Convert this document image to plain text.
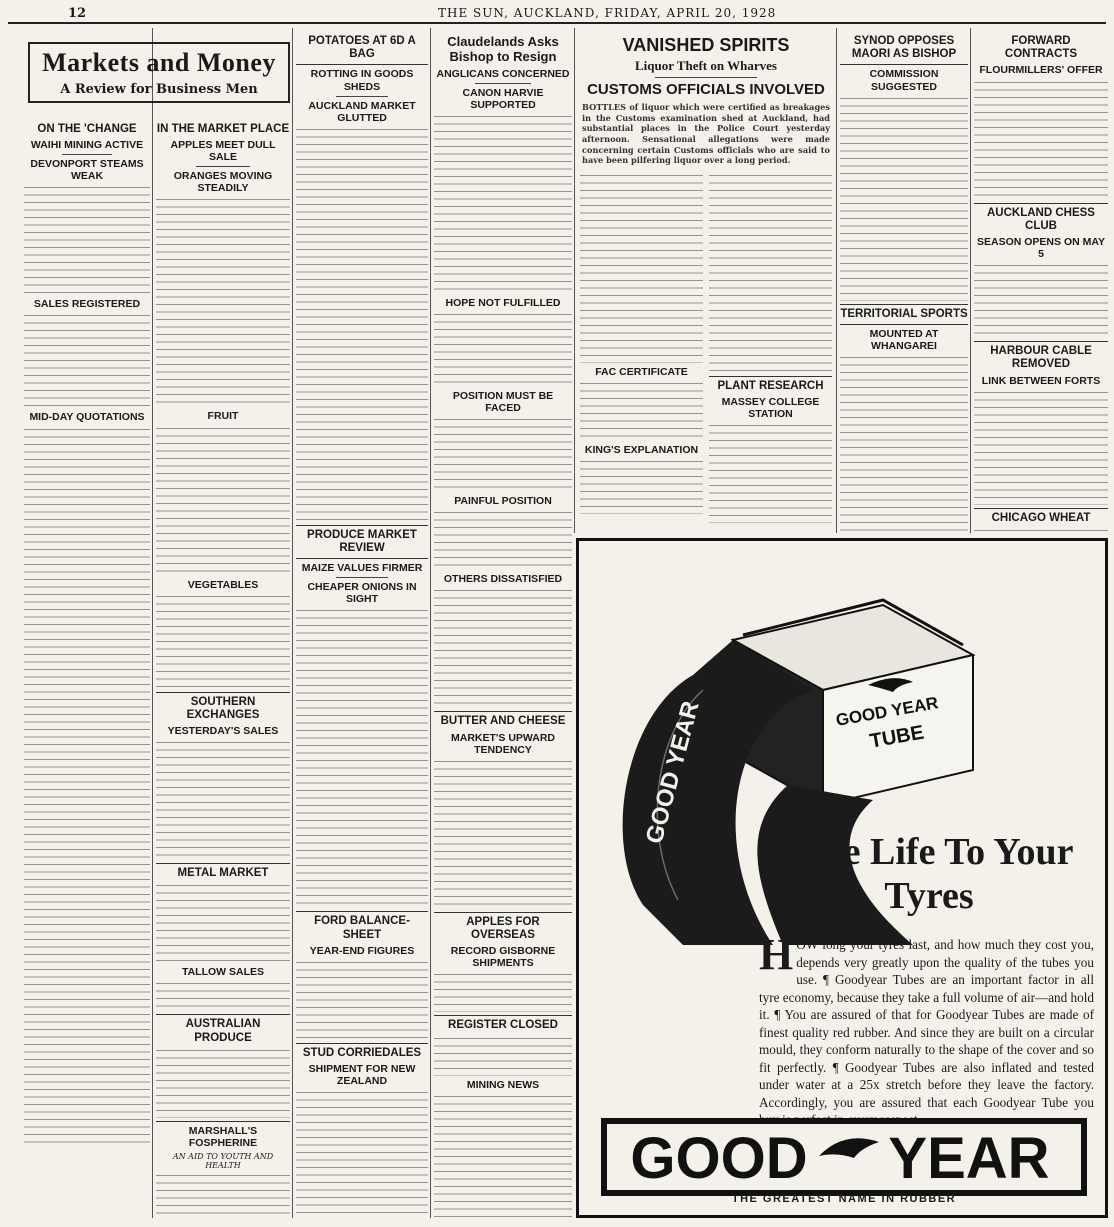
12	THE SUN, AUCKLAND, FRIDAY, APRIL 20, 1928
Markets and Money
A Review for Business Men
ON THE 'CHANGE
WAIHI MINING ACTIVE
DEVONPORT STEAMS WEAK
SALES REGISTERED
MID-DAY QUOTATIONS
IN THE MARKET PLACE
APPLES MEET DULL SALE
ORANGES MOVING STEADILY
FRUIT
VEGETABLES
SOUTHERN EXCHANGES
YESTERDAY'S SALES
METAL MARKET
TALLOW SALES
AUSTRALIAN PRODUCE
MARSHALL'S FOSPHERINE
AN AID TO YOUTH AND HEALTH
POTATOES AT 6D A BAG
ROTTING IN GOODS SHEDS
AUCKLAND MARKET GLUTTED
PRODUCE MARKET REVIEW
MAIZE VALUES FIRMER
CHEAPER ONIONS IN SIGHT
FORD BALANCE-SHEET
YEAR-END FIGURES
STUD CORRIEDALES
SHIPMENT FOR NEW ZEALAND
Claudelands Asks Bishop to Resign
ANGLICANS CONCERNED
CANON HARVIE SUPPORTED
HOPE NOT FULFILLED
POSITION MUST BE FACED
PAINFUL POSITION
OTHERS DISSATISFIED
BUTTER AND CHEESE
MARKET'S UPWARD TENDENCY
APPLES FOR OVERSEAS
RECORD GISBORNE SHIPMENTS
REGISTER CLOSED
MINING NEWS
VANISHED SPIRITS
Liquor Theft on Wharves
CUSTOMS OFFICIALS INVOLVED
BOTTLES of liquor which were certified as breakages in the Customs examination shed at Auckland, had substantial places in the Police Court yesterday afternoon. Sensational allegations were made concerning certain Customs officials who are said to have been pilfering liquor over a long period.
FAC CERTIFICATE
KING'S EXPLANATION
PLANT RESEARCH
MASSEY COLLEGE STATION
SYNOD OPPOSES MAORI AS BISHOP
COMMISSION SUGGESTED
TERRITORIAL SPORTS
MOUNTED AT WHANGAREI
FORWARD CONTRACTS
FLOURMILLERS' OFFER
AUCKLAND CHESS CLUB
SEASON OPENS ON MAY 5
HARBOUR CABLE REMOVED
LINK BETWEEN FORTS
CHICAGO WHEAT
GOOD YEAR
TUBE
GOOD YEAR
Give Life To Your Tyres
HOW long your tyres last, and how much they cost you, depends very greatly upon the quality of the tubes you use. ¶ Goodyear Tubes are an important factor in all tyre economy, because they take a full volume of air—and hold it. ¶ You are assured of that for Goodyear Tubes are made of finest quality red rubber. And since they are built on a circular mould, they conform naturally to the shape of the cover and so fit perfectly. ¶ Goodyear Tubes are also inflated and tested under water at a 25x stretch before they leave the factory. Accordingly, you are assured that each Goodyear Tube you
GOOD YEAR
THE GREATEST NAME IN RUBBER
